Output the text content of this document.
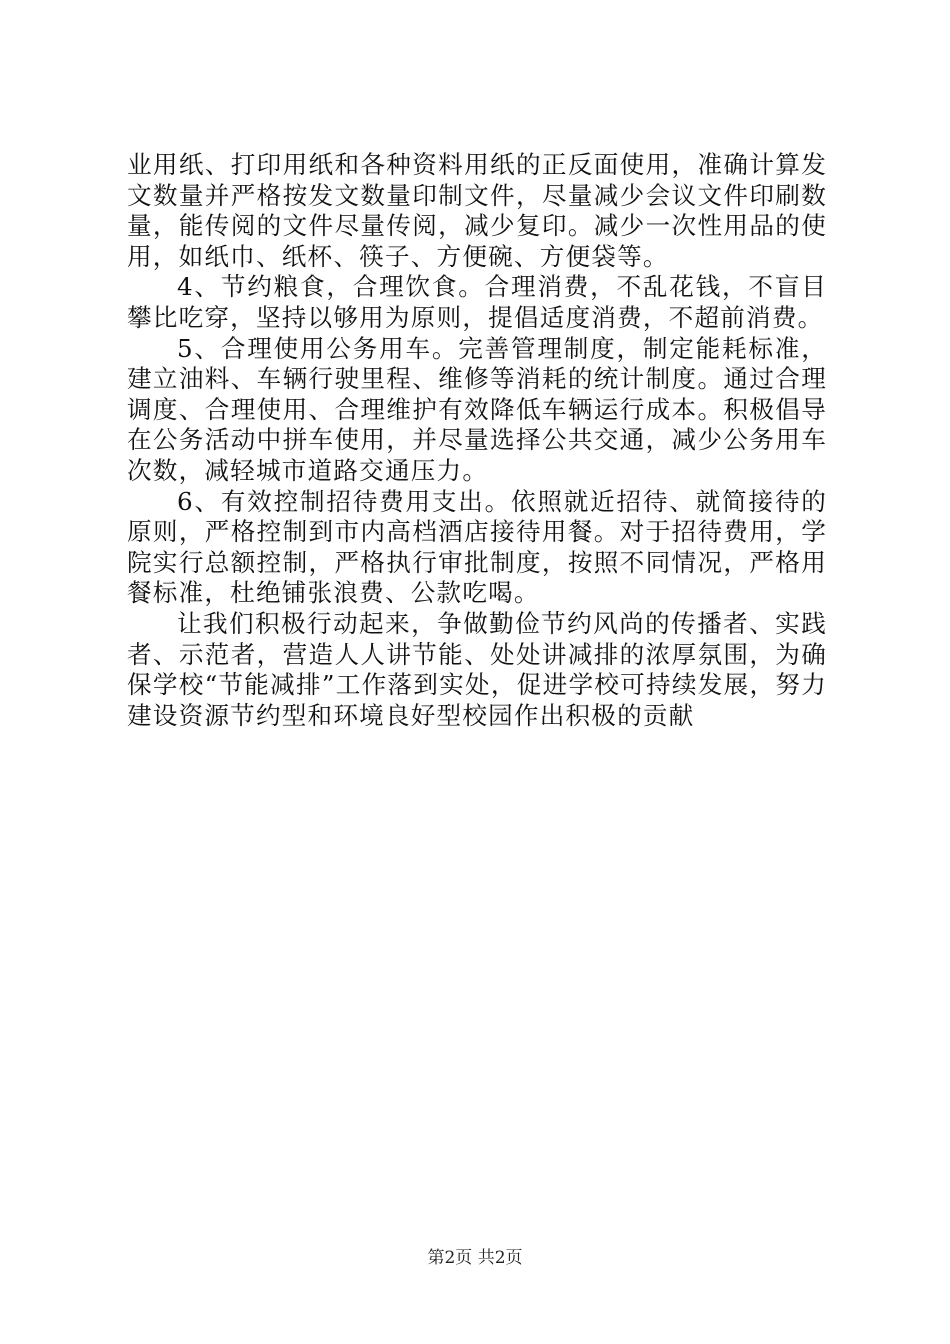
业用纸、打印用纸和各种资料用纸的正反面使用，准确计算发文数量并严格按发文数量印制文件，尽量减少会议文件印刷数量，能传阅的文件尽量传阅，减少复印。减少一次性用品的使用，如纸巾、纸杯、筷子、方便碗、方便袋等。

4、节约粮食，合理饮食。合理消费，不乱花钱，不盲目攀比吃穿，坚持以够用为原则，提倡适度消费，不超前消费。

5、合理使用公务用车。完善管理制度，制定能耗标准，建立油料、车辆行驶里程、维修等消耗的统计制度。通过合理调度、合理使用、合理维护有效降低车辆运行成本。积极倡导在公务活动中拼车使用，并尽量选择公共交通，减少公务用车次数，减轻城市道路交通压力。

6、有效控制招待费用支出。依照就近招待、就简接待的原则，严格控制到市内高档酒店接待用餐。对于招待费用，学院实行总额控制，严格执行审批制度，按照不同情况，严格用餐标准，杜绝铺张浪费、公款吃喝。

让我们积极行动起来，争做勤俭节约风尚的传播者、实践者、示范者，营造人人讲节能、处处讲减排的浓厚氛围，为确保学校“节能减排”工作落到实处，促进学校可持续发展，努力建设资源节约型和环境良好型校园作出积极的贡献

第2页 共2页
